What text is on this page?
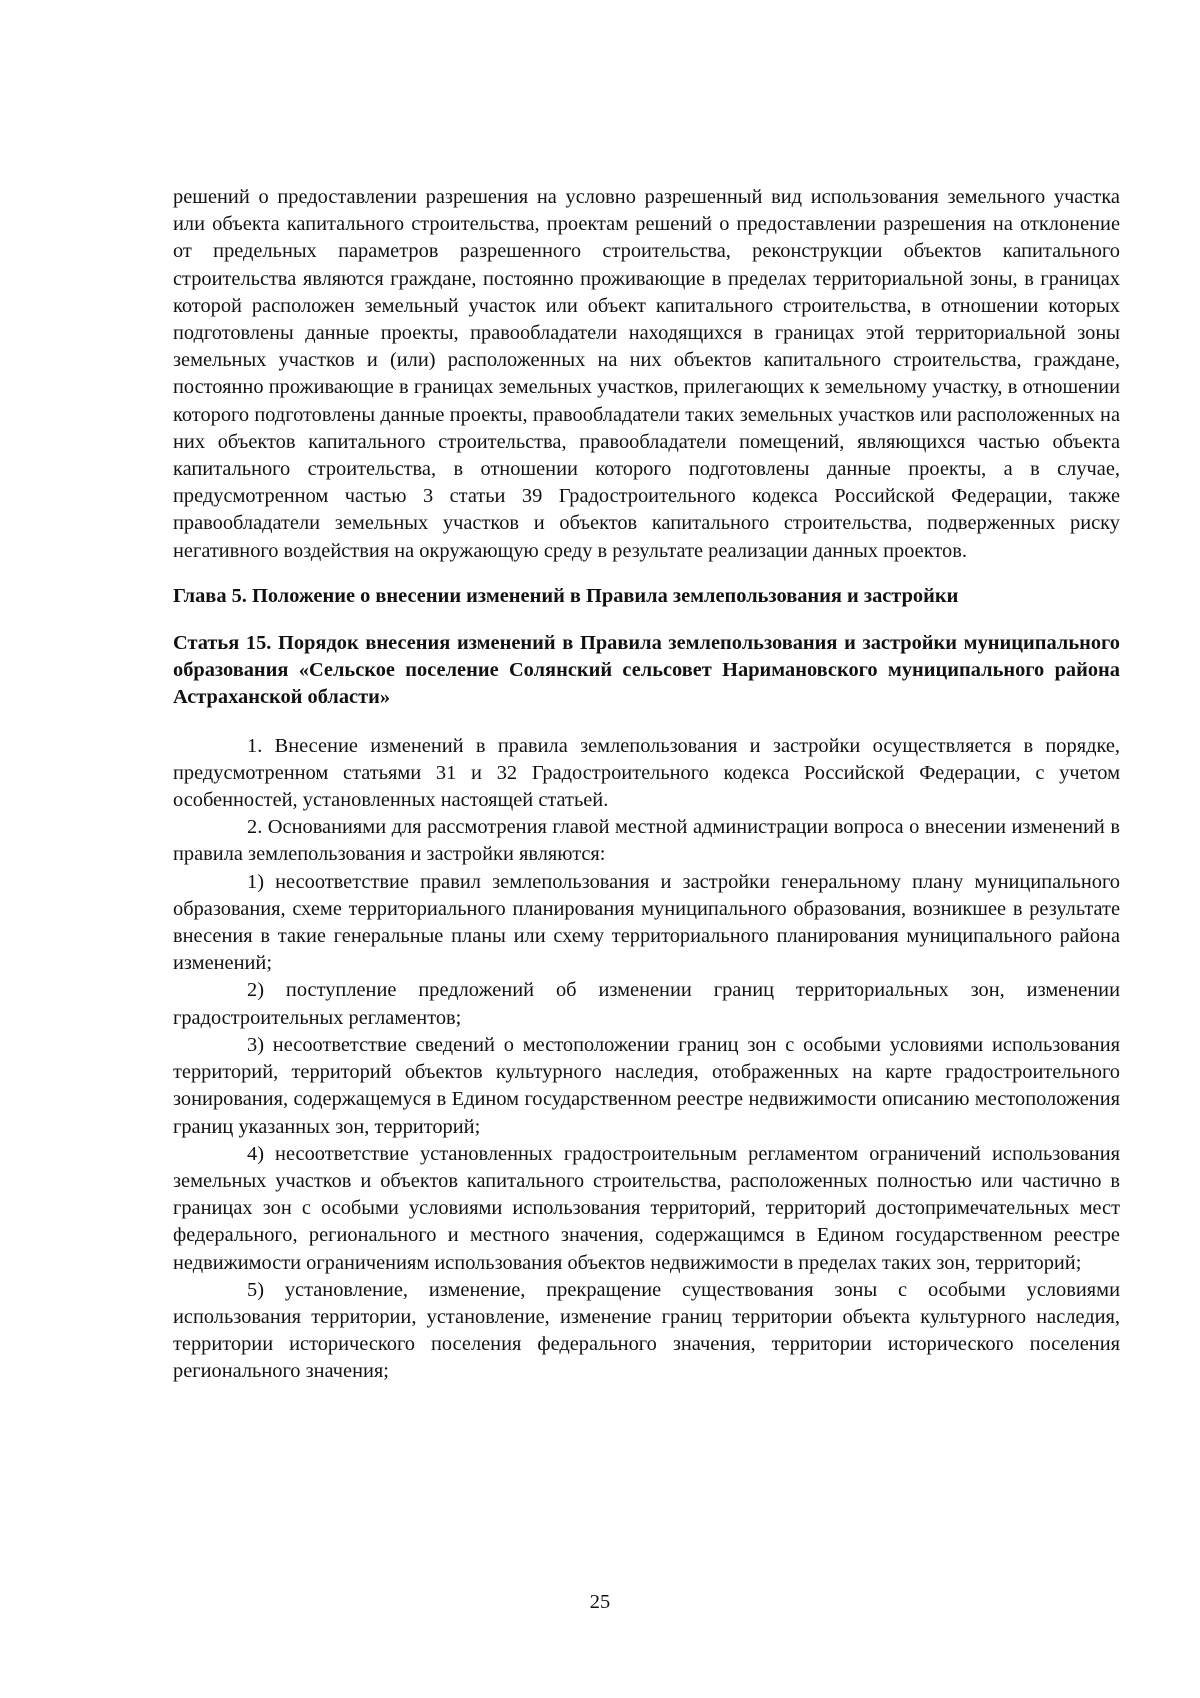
решений о предоставлении разрешения на условно разрешенный вид использования земельного участка или объекта капитального строительства, проектам решений о предоставлении разрешения на отклонение от предельных параметров разрешенного строительства, реконструкции объектов капитального строительства являются граждане, постоянно проживающие в пределах территориальной зоны, в границах которой расположен земельный участок или объект капитального строительства, в отношении которых подготовлены данные проекты, правообладатели находящихся в границах этой территориальной зоны земельных участков и (или) расположенных на них объектов капитального строительства, граждане, постоянно проживающие в границах земельных участков, прилегающих к земельному участку, в отношении которого подготовлены данные проекты, правообладатели таких земельных участков или расположенных на них объектов капитального строительства, правообладатели помещений, являющихся частью объекта капитального строительства, в отношении которого подготовлены данные проекты, а в случае, предусмотренном частью 3 статьи 39 Градостроительного кодекса Российской Федерации, также правообладатели земельных участков и объектов капитального строительства, подверженных риску негативного воздействия на окружающую среду в результате реализации данных проектов.

Глава 5. Положение о внесении изменений в Правила землепользования и застройки
Статья 15. Порядок внесения изменений в Правила землепользования и застройки муниципального образования «Сельское поселение Солянский сельсовет Наримановского муниципального района Астраханской области»

1. Внесение изменений в правила землепользования и застройки осуществляется в порядке, предусмотренном статьями 31 и 32 Градостроительного кодекса Российской Федерации, с учетом особенностей, установленных настоящей статьей.

2. Основаниями для рассмотрения главой местной администрации вопроса о внесении изменений в правила землепользования и застройки являются:

1) несоответствие правил землепользования и застройки генеральному плану муниципального образования, схеме территориального планирования муниципального образования, возникшее в результате внесения в такие генеральные планы или схему территориального планирования муниципального района изменений;

2) поступление предложений об изменении границ территориальных зон, изменении градостроительных регламентов;

3) несоответствие сведений о местоположении границ зон с особыми условиями использования территорий, территорий объектов культурного наследия, отображенных на карте градостроительного зонирования, содержащемуся в Едином государственном реестре недвижимости описанию местоположения границ указанных зон, территорий;

4) несоответствие установленных градостроительным регламентом ограничений использования земельных участков и объектов капитального строительства, расположенных полностью или частично в границах зон с особыми условиями использования территорий, территорий достопримечательных мест федерального, регионального и местного значения, содержащимся в Едином государственном реестре недвижимости ограничениям использования объектов недвижимости в пределах таких зон, территорий;

5) установление, изменение, прекращение существования зоны с особыми условиями использования территории, установление, изменение границ территории объекта культурного наследия, территории исторического поселения федерального значения, территории исторического поселения регионального значения;

25
